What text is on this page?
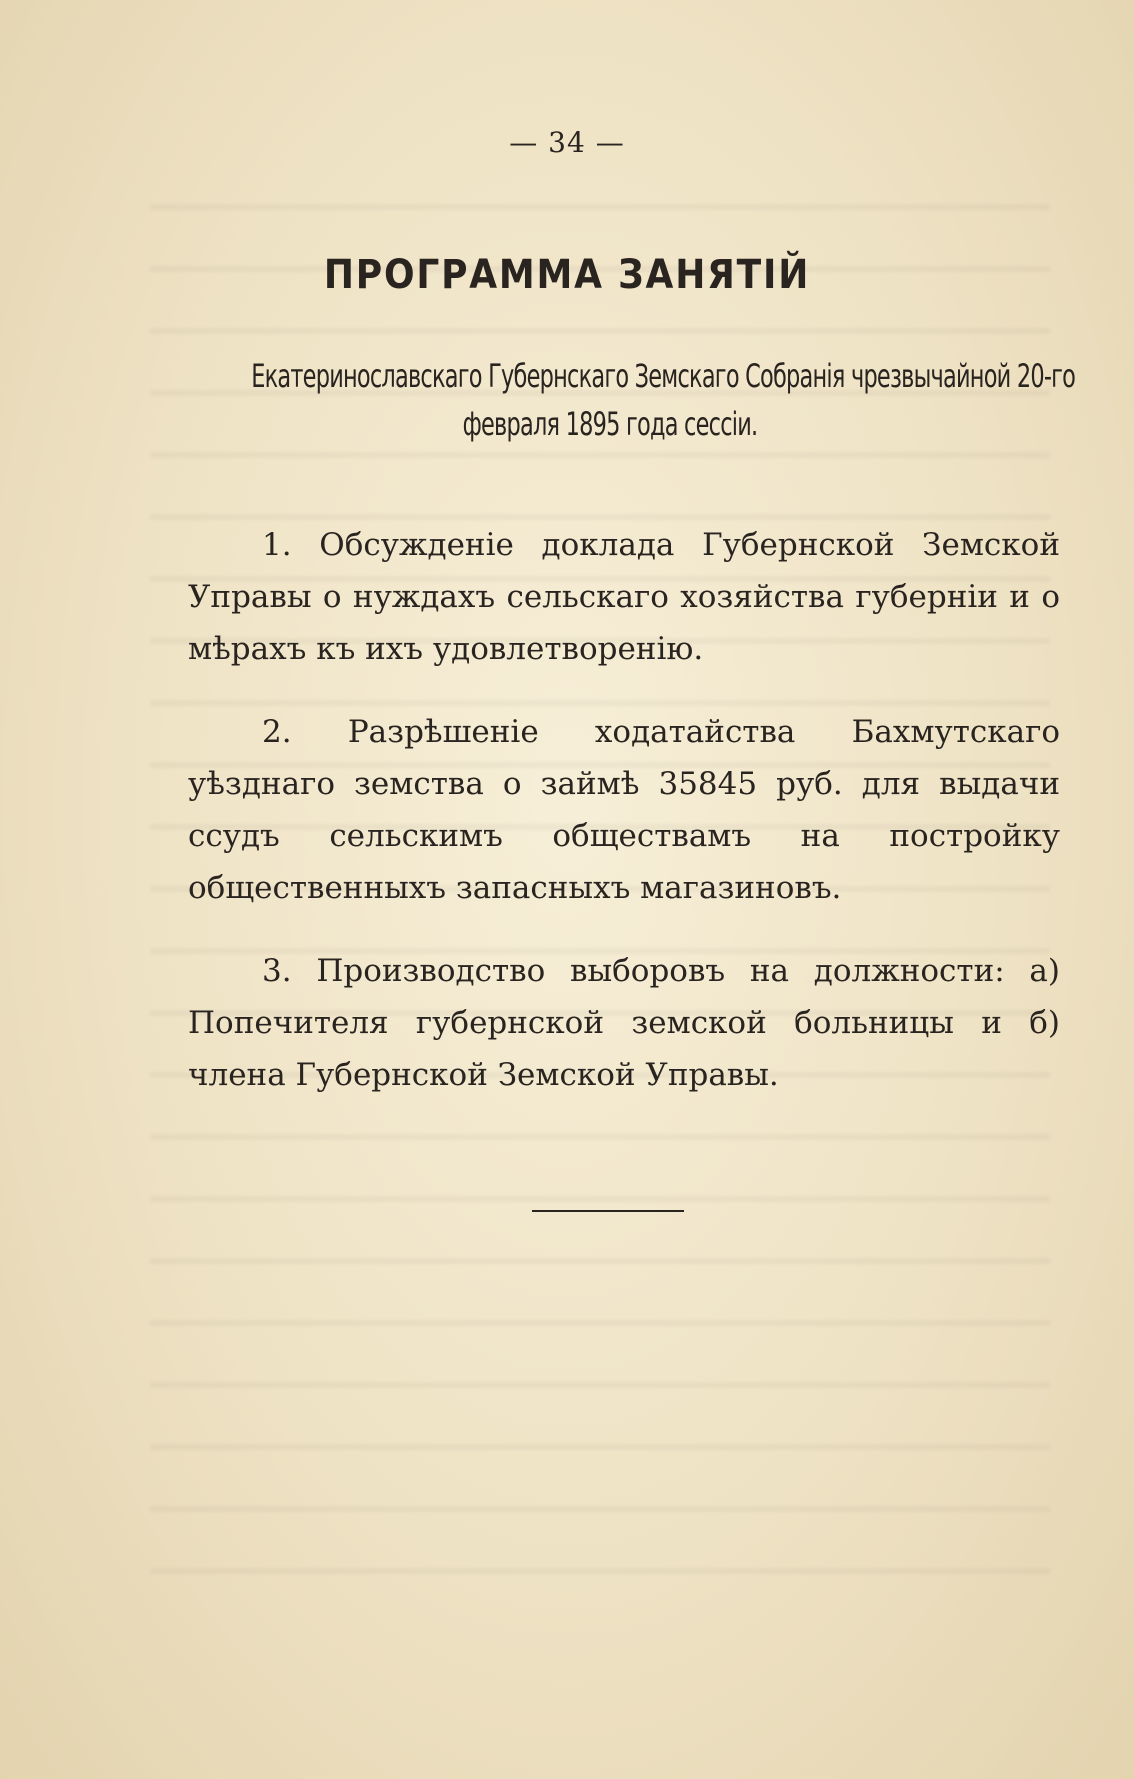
— 34 —
ПРОГРАММА ЗАНЯТIЙ
Екатеринославскаго Губернскаго Земскаго Собранія чрезвычайной 20-го
февраля 1895 года сессіи.

1. Обсужденіе доклада Губернской Земской Управы о нуждахъ сельскаго хозяйства губерніи и о мѣрахъ къ ихъ удовлетворенію.

2. Разрѣшеніе ходатайства Бахмутскаго уѣзднаго земства о займѣ 35845 руб. для выдачи ссудъ сельскимъ обществамъ на постройку общественныхъ запасныхъ магазиновъ.

3. Производство выборовъ на должности: а) Попечителя губернской земской больницы и б) члена Губернской Земской Управы.
